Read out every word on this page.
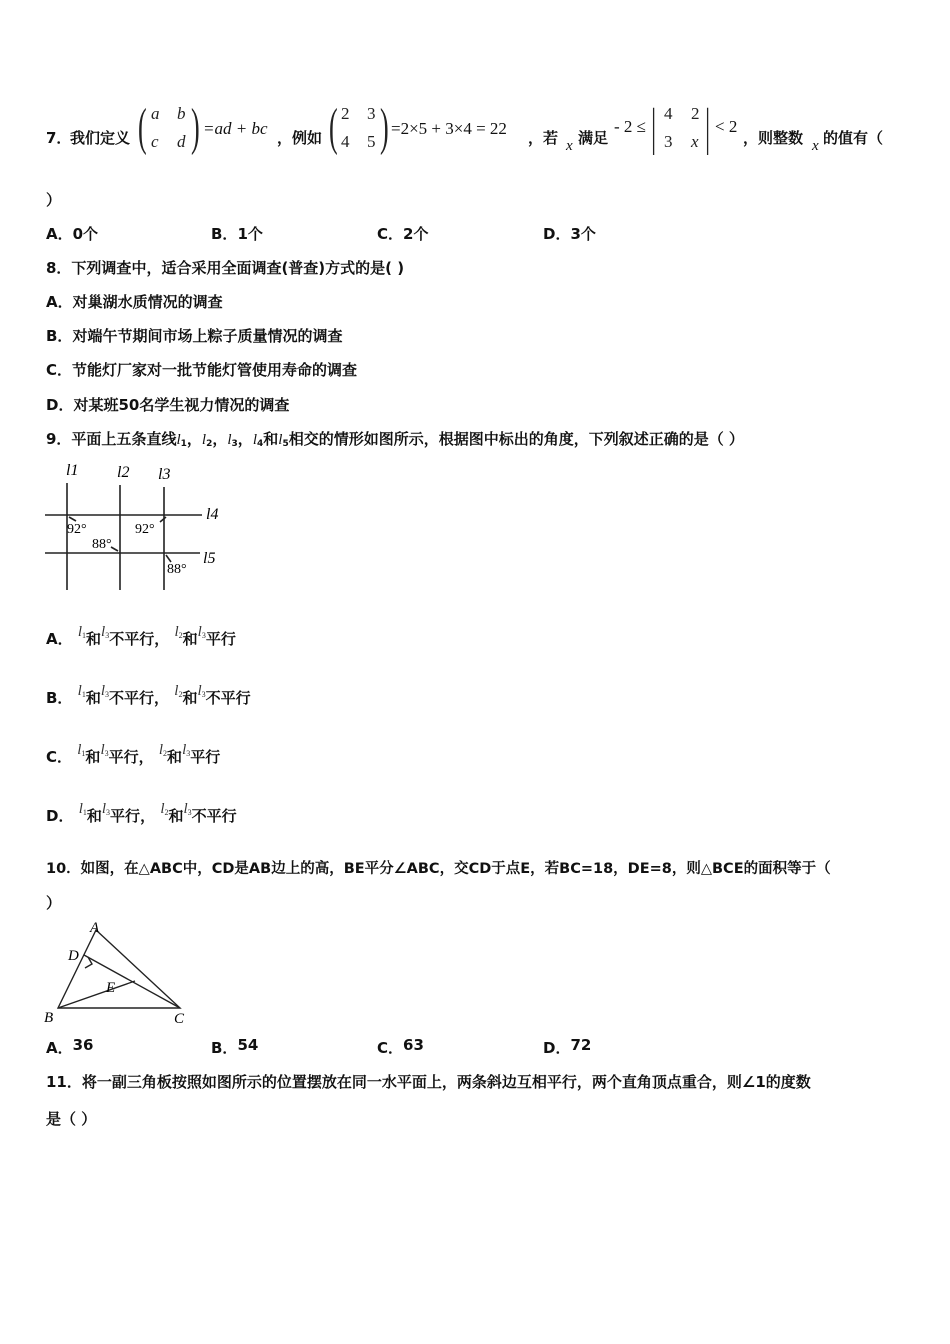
7．
我们定义 ( a b
c d ) =ad + bc ，例如 ( 2 3
4 5 ) =2×5 + 3×4 = 22 ，若 x 满足
- 2 ≤ | 4 2
3 x | < 2
，则整数 x 的值有（
）
A．0个	B．1个	C．2个	D．3个
8．下列调查中，适合采用全面调查(普查)方式的是( )
A．对巢湖水质情况的调查
B．对端午节期间市场上粽子质量情况的调查
C．节能灯厂家对一批节能灯管使用寿命的调查
D．对某班50名学生视力情况的调查
9．平面上五条直线$l_1$，$l_2$，$l_3$，$l_4$和$l_5$相交的情形如图所示，根据图中标出的角度，下列叙述正确的是（ ）
l1 l2 l3
l4
l5
92°
88°
92°
88°
A． $l_1$和$l_3$不平行， $l_2$和$l_3$平行
B． $l_1$和$l_3$不平行， $l_2$和$l_3$不平行
C． $l_1$和$l_3$平行， $l_2$和$l_3$平行
D． $l_1$和$l_3$平行， $l_2$和$l_3$不平行
10．如图，在△ABC中，CD是AB边上的高，BE平分∠ABC，交CD于点E，若BC=18，DE=8，则△BCE的面积等于（
）
A
D
E
B	C
A．36	B．54	C．63	D．72
11．将一副三角板按照如图所示的位置摆放在同一水平面上，两条斜边互相平行，两个直角顶点重合，则∠1的度数
是（ ）
